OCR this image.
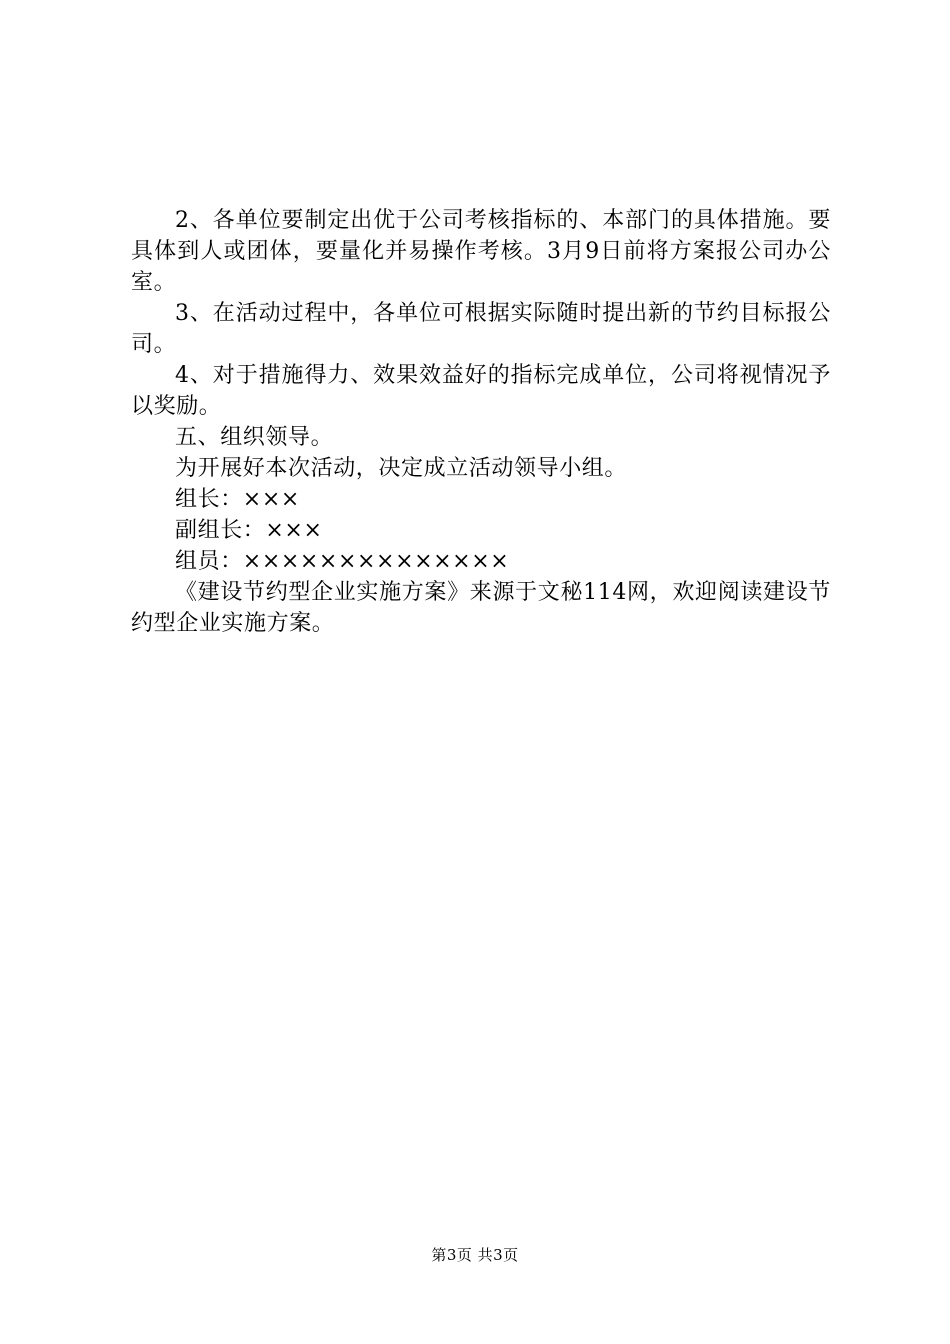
2、各单位要制定出优于公司考核指标的、本部门的具体措施。要具体到人或团体，要量化并易操作考核。3月9日前将方案报公司办公室。

3、在活动过程中，各单位可根据实际随时提出新的节约目标报公司。

4、对于措施得力、效果效益好的指标完成单位，公司将视情况予以奖励。

五、组织领导。

为开展好本次活动，决定成立活动领导小组。

组长：×××

副组长：×××

组员：××××××××××××××

《建设节约型企业实施方案》来源于文秘114网，欢迎阅读建设节约型企业实施方案。

第3页 共3页
